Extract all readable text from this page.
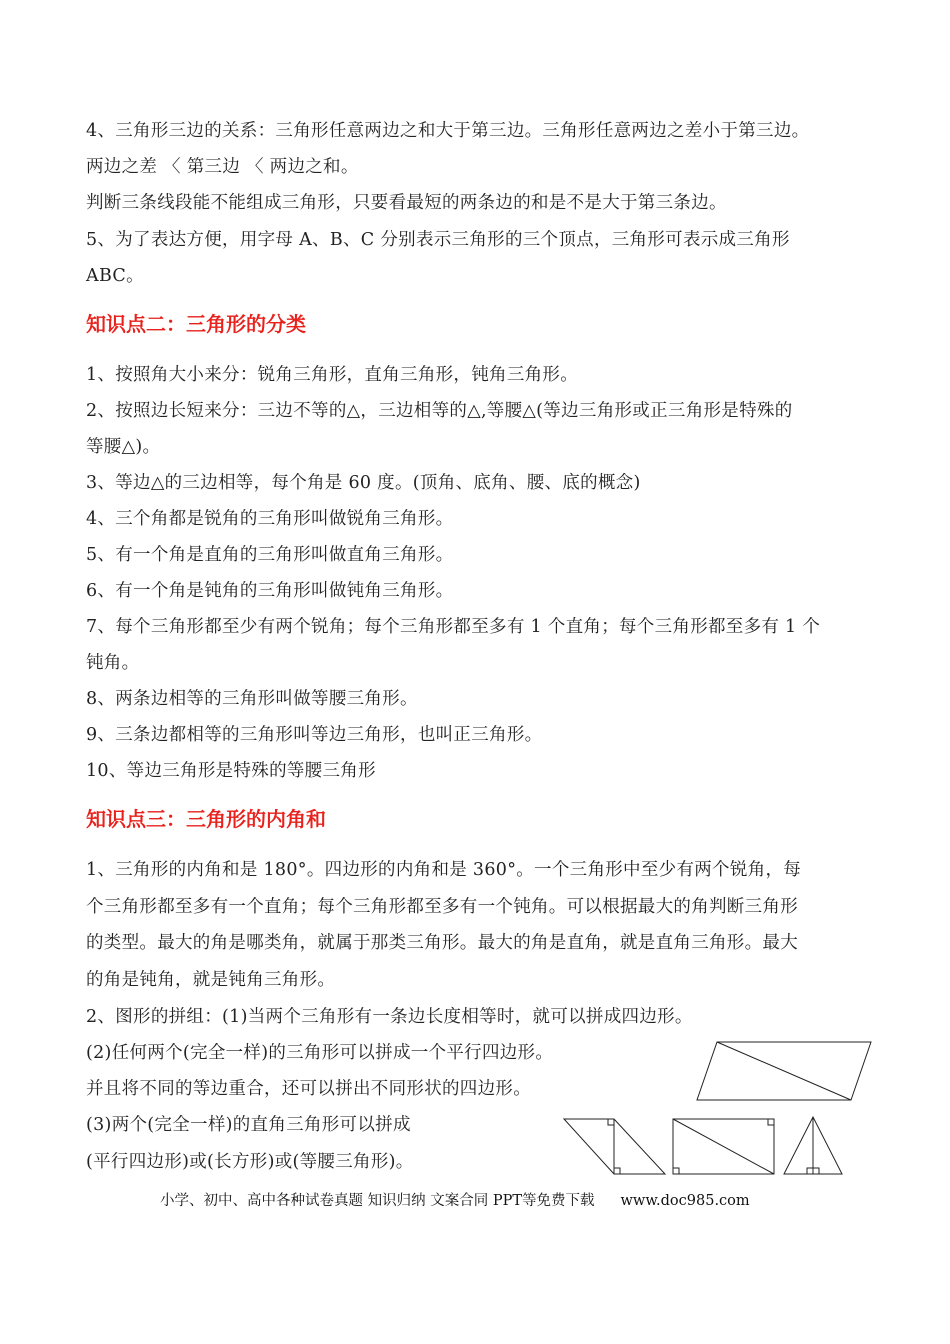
4、三角形三边的关系：三角形任意两边之和大于第三边。三角形任意两边之差小于第三边。
两边之差 〈 第三边 〈 两边之和。
判断三条线段能不能组成三角形，只要看最短的两条边的和是不是大于第三条边。
5、为了表达方便，用字母 A、B、C 分别表示三角形的三个顶点，三角形可表示成三角形
ABC。
知识点二：三角形的分类
1、按照角大小来分：锐角三角形，直角三角形，钝角三角形。
2、按照边长短来分：三边不等的△，三边相等的△,等腰△(等边三角形或正三角形是特殊的
等腰△)。
3、等边△的三边相等，每个角是 60 度。(顶角、底角、腰、底的概念)
4、三个角都是锐角的三角形叫做锐角三角形。
5、有一个角是直角的三角形叫做直角三角形。
6、有一个角是钝角的三角形叫做钝角三角形。
7、每个三角形都至少有两个锐角；每个三角形都至多有 1 个直角；每个三角形都至多有 1 个
钝角。
8、两条边相等的三角形叫做等腰三角形。
9、三条边都相等的三角形叫等边三角形，也叫正三角形。
10、等边三角形是特殊的等腰三角形
知识点三：三角形的内角和
1、三角形的内角和是 180°。四边形的内角和是 360°。一个三角形中至少有两个锐角，每
个三角形都至多有一个直角；每个三角形都至多有一个钝角。可以根据最大的角判断三角形
的类型。最大的角是哪类角，就属于那类三角形。最大的角是直角，就是直角三角形。最大
的角是钝角，就是钝角三角形。
2、图形的拼组：(1)当两个三角形有一条边长度相等时，就可以拼成四边形。
(2)任何两个(完全一样)的三角形可以拼成一个平行四边形。
并且将不同的等边重合，还可以拼出不同形状的四边形。
(3)两个(完全一样)的直角三角形可以拼成
(平行四边形)或(长方形)或(等腰三角形)。
小学、初中、高中各种试卷真题 知识归纳 文案合同 PPT等免费下载 www.doc985.com
